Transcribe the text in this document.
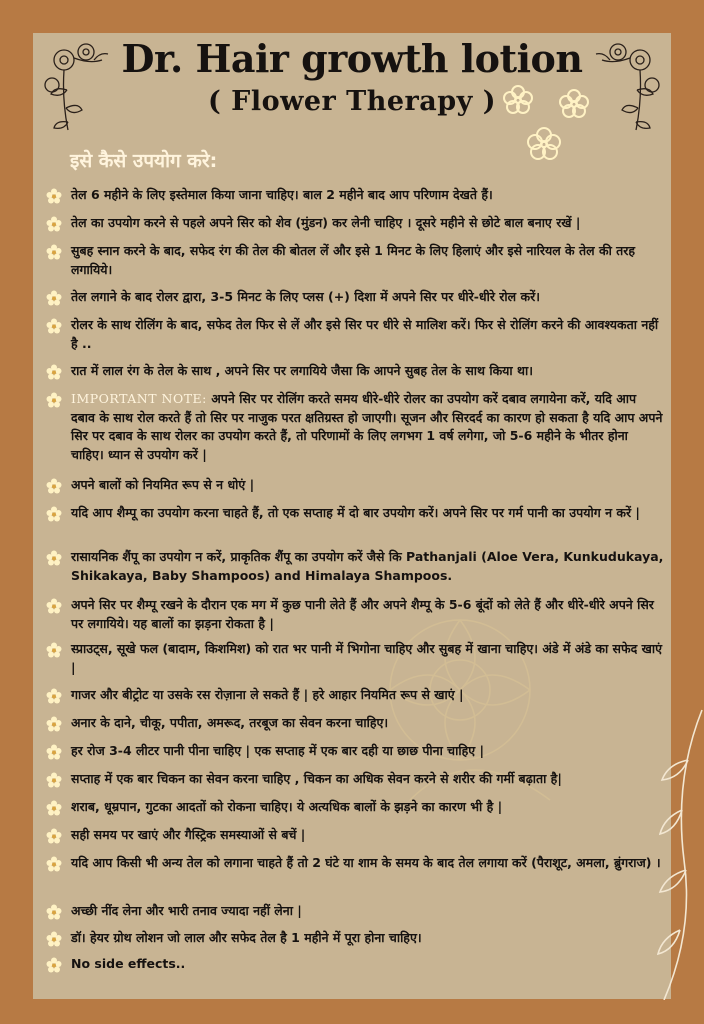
Dr. Hair growth lotion
( Flower Therapy )
इसे कैसे उपयोग करे:
तेल 6 महीने के लिए इस्तेमाल किया जाना चाहिए। बाल 2 महीने बाद आप परिणाम देखते हैं।
तेल का उपयोग करने से पहले अपने सिर को शेव (मुंडन) कर लेनी चाहिए । दूसरे महीने से छोटे बाल बनाए रखें |
सुबह स्नान करने के बाद, सफेद रंग की तेल की बोतल लें और इसे 1 मिनट के लिए हिलाएं और इसे नारियल के तेल की तरह लगायिये।
तेल लगाने के बाद रोलर द्वारा, 3-5 मिनट के लिए प्लस (+) दिशा में अपने सिर पर धीरे-धीरे रोल करें।
रोलर के साथ रोलिंग के बाद, सफेद तेल फिर से लें और इसे सिर पर धीरे से मालिश करें। फिर से रोलिंग करने की आवश्यकता नहीं है ..
रात में लाल रंग के तेल के साथ , अपने सिर पर लगायिये जैसा कि आपने सुबह तेल के साथ किया था।
IMPORTANT NOTE: अपने सिर पर रोलिंग करते समय धीरे-धीरे रोलर का उपयोग करें दबाव लगायेना करें, यदि आप दबाव के साथ रोल करते हैं तो सिर पर नाजुक परत क्षतिग्रस्त हो जाएगी। सूजन और सिरदर्द का कारण हो सकता है यदि आप अपने सिर पर दबाव के साथ रोलर का उपयोग करते हैं, तो परिणामों के लिए लगभग 1 वर्ष लगेगा, जो 5-6 महीने के भीतर होना चाहिए। ध्यान से उपयोग करें |
अपने बालों को नियमित रूप से न धोएं |
यदि आप शैम्पू का उपयोग करना चाहते हैं, तो एक सप्ताह में दो बार उपयोग करें। अपने सिर पर गर्म पानी का उपयोग न करें |
रासायनिक शैंपू का उपयोग न करें, प्राकृतिक शैंपू का उपयोग करें जैसे कि Pathanjali (Aloe Vera, Kunkudukaya, Shikakaya, Baby Shampoos) and Himalaya Shampoos.
अपने सिर पर शैम्पू रखने के दौरान एक मग में कुछ पानी लेते हैं और अपने शैम्पू के 5-6 बूंदों को लेते हैं और धीरे-धीरे अपने सिर पर लगायिये। यह बालों का झड़ना रोकता है |
स्प्राउट्स, सूखे फल (बादाम, किशमिश) को रात भर पानी में भिगोना चाहिए और सुबह में खाना चाहिए। अंडे में अंडे का सफेद खाएं |
गाजर और बीट्रोट या उसके रस रोज़ाना ले सकते हैं | हरे आहार नियमित रूप से खाएं |
अनार के दाने, चीकू, पपीता, अमरूद, तरबूज का सेवन करना चाहिए।
हर रोज 3-4 लीटर पानी पीना चाहिए | एक सप्ताह में एक बार दही या छाछ पीना चाहिए |
सप्ताह में एक बार चिकन का सेवन करना चाहिए , चिकन का अधिक सेवन करने से शरीर की गर्मी बढ़ाता है|
शराब, धूम्रपान, गुटका आदतों को रोकना चाहिए। ये अत्यधिक बालों के झड़ने का कारण भी है |
सही समय पर खाएं और गैस्ट्रिक समस्याओं से बचें |
यदि आप किसी भी अन्य तेल को लगाना चाहते हैं तो 2 घंटे या शाम के समय के बाद तेल लगाया करें (पैराशूट, अमला, ब्रुंगराज) ।
अच्छी नींद लेना और भारी तनाव ज्यादा नहीं लेना |
डॉ। हेयर ग्रोथ लोशन जो लाल और सफेद तेल है 1 महीने में पूरा होना चाहिए।
No side effects..
